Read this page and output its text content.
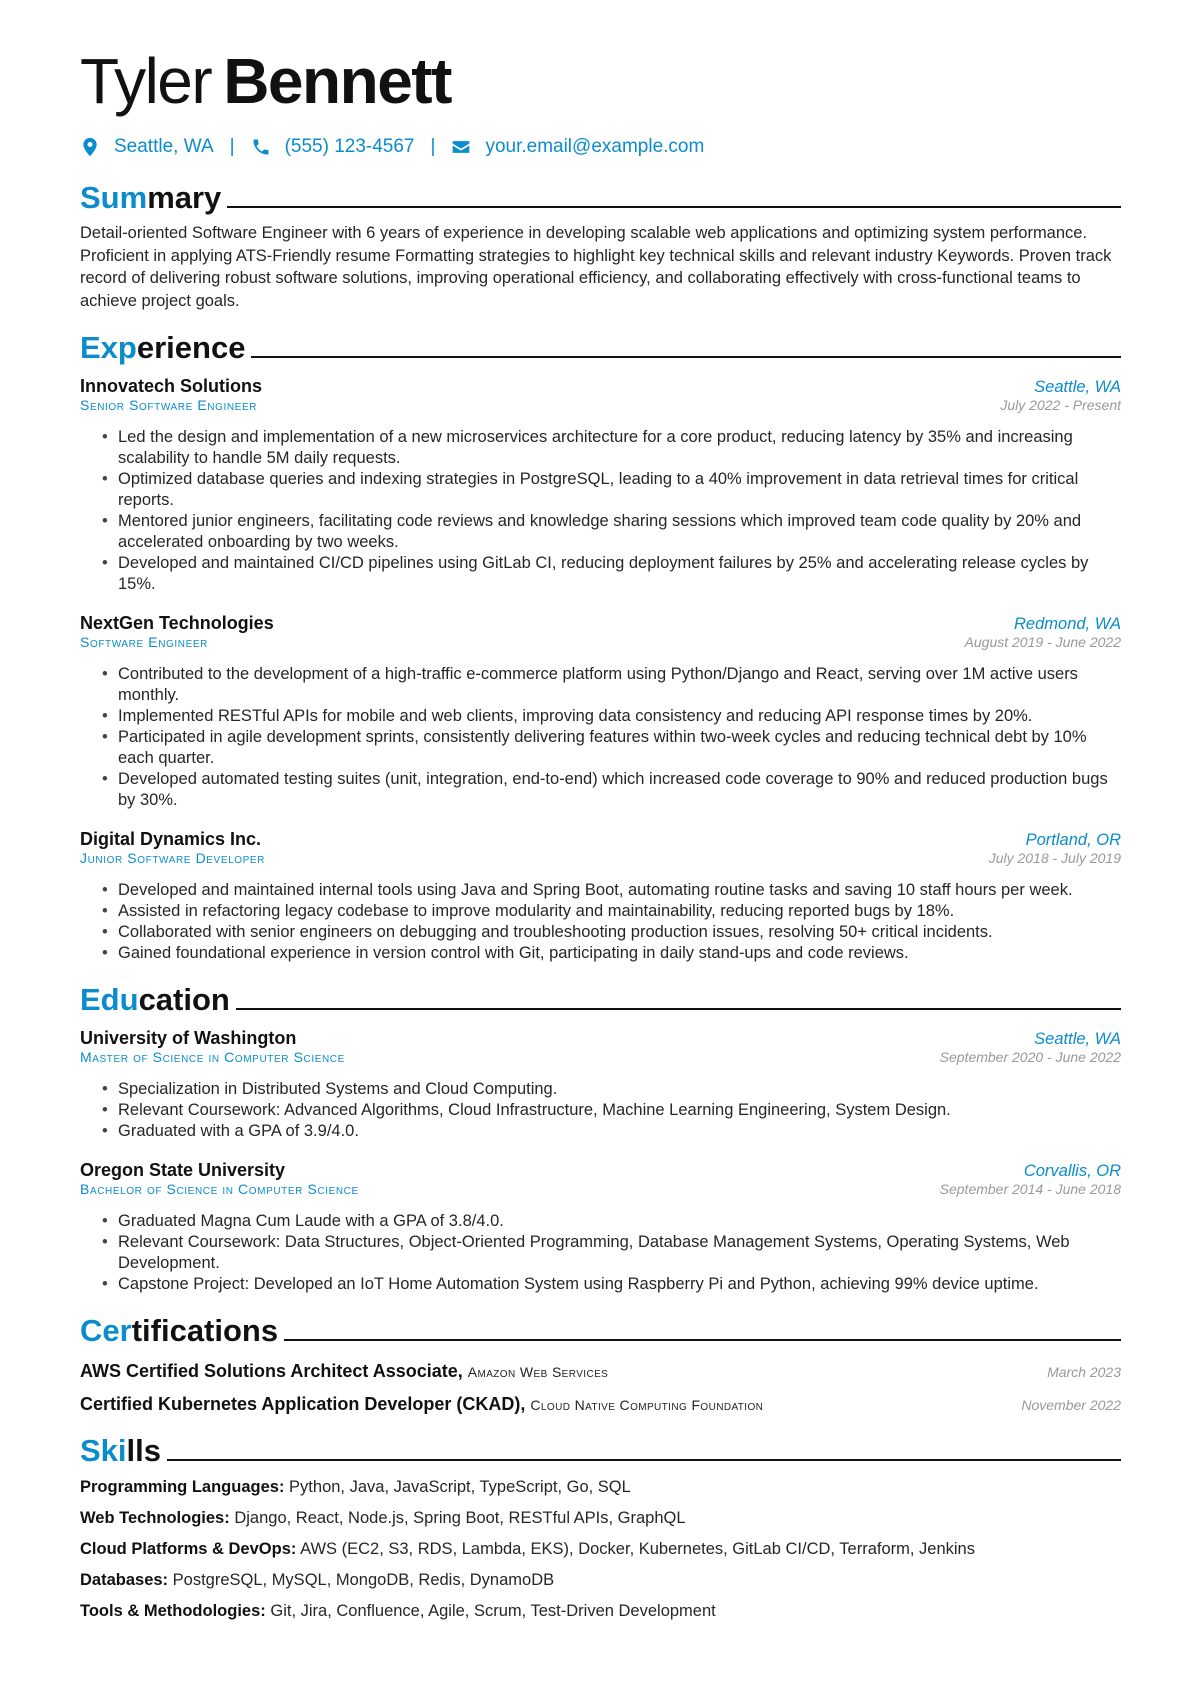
Tyler Bennett
Seattle, WA |	(555) 123-4567 |	your.email@example.com
Summary

Detail-oriented Software Engineer with 6 years of experience in developing scalable web applications and optimizing system performance. Proficient in applying ATS-Friendly resume Formatting strategies to highlight key technical skills and relevant industry Keywords. Proven track record of delivering robust software solutions, improving operational efficiency, and collaborating effectively with cross-functional teams to achieve project goals.

Experience
Innovatech Solutions	Seattle, WA
Senior Software Engineer	July 2022 - Present
• Led the design and implementation of a new microservices architecture for a core product, reducing latency by 35% and increasing scalability to handle 5M daily requests.
• Optimized database queries and indexing strategies in PostgreSQL, leading to a 40% improvement in data retrieval times for critical reports.
• Mentored junior engineers, facilitating code reviews and knowledge sharing sessions which improved team code quality by 20% and accelerated onboarding by two weeks.
• Developed and maintained CI/CD pipelines using GitLab CI, reducing deployment failures by 25% and accelerating release cycles by 15%.
NextGen Technologies	Redmond, WA
Software Engineer	August 2019 - June 2022
• Contributed to the development of a high-traffic e-commerce platform using Python/Django and React, serving over 1M active users monthly.
• Implemented RESTful APIs for mobile and web clients, improving data consistency and reducing API response times by 20%.
• Participated in agile development sprints, consistently delivering features within two-week cycles and reducing technical debt by 10% each quarter.
• Developed automated testing suites (unit, integration, end-to-end) which increased code coverage to 90% and reduced production bugs by 30%.
Digital Dynamics Inc.	Portland, OR
Junior Software Developer	July 2018 - July 2019
• Developed and maintained internal tools using Java and Spring Boot, automating routine tasks and saving 10 staff hours per week.
• Assisted in refactoring legacy codebase to improve modularity and maintainability, reducing reported bugs by 18%.
• Collaborated with senior engineers on debugging and troubleshooting production issues, resolving 50+ critical incidents.
• Gained foundational experience in version control with Git, participating in daily stand-ups and code reviews.
Education
University of Washington	Seattle, WA
Master of Science in Computer Science	September 2020 - June 2022
• Specialization in Distributed Systems and Cloud Computing.
• Relevant Coursework: Advanced Algorithms, Cloud Infrastructure, Machine Learning Engineering, System Design.
• Graduated with a GPA of 3.9/4.0.
Oregon State University	Corvallis, OR
Bachelor of Science in Computer Science	September 2014 - June 2018
• Graduated Magna Cum Laude with a GPA of 3.8/4.0.
• Relevant Coursework: Data Structures, Object-Oriented Programming, Database Management Systems, Operating Systems, Web Development.
• Capstone Project: Developed an IoT Home Automation System using Raspberry Pi and Python, achieving 99% device uptime.
Certifications
AWS Certified Solutions Architect Associate, Amazon Web Services	March 2023
Certified Kubernetes Application Developer (CKAD), Cloud Native Computing Foundation	November 2022
Skills
Programming Languages: Python, Java, JavaScript, TypeScript, Go, SQL
Web Technologies: Django, React, Node.js, Spring Boot, RESTful APIs, GraphQL
Cloud Platforms & DevOps: AWS (EC2, S3, RDS, Lambda, EKS), Docker, Kubernetes, GitLab CI/CD, Terraform, Jenkins
Databases: PostgreSQL, MySQL, MongoDB, Redis, DynamoDB
Tools & Methodologies: Git, Jira, Confluence, Agile, Scrum, Test-Driven Development
